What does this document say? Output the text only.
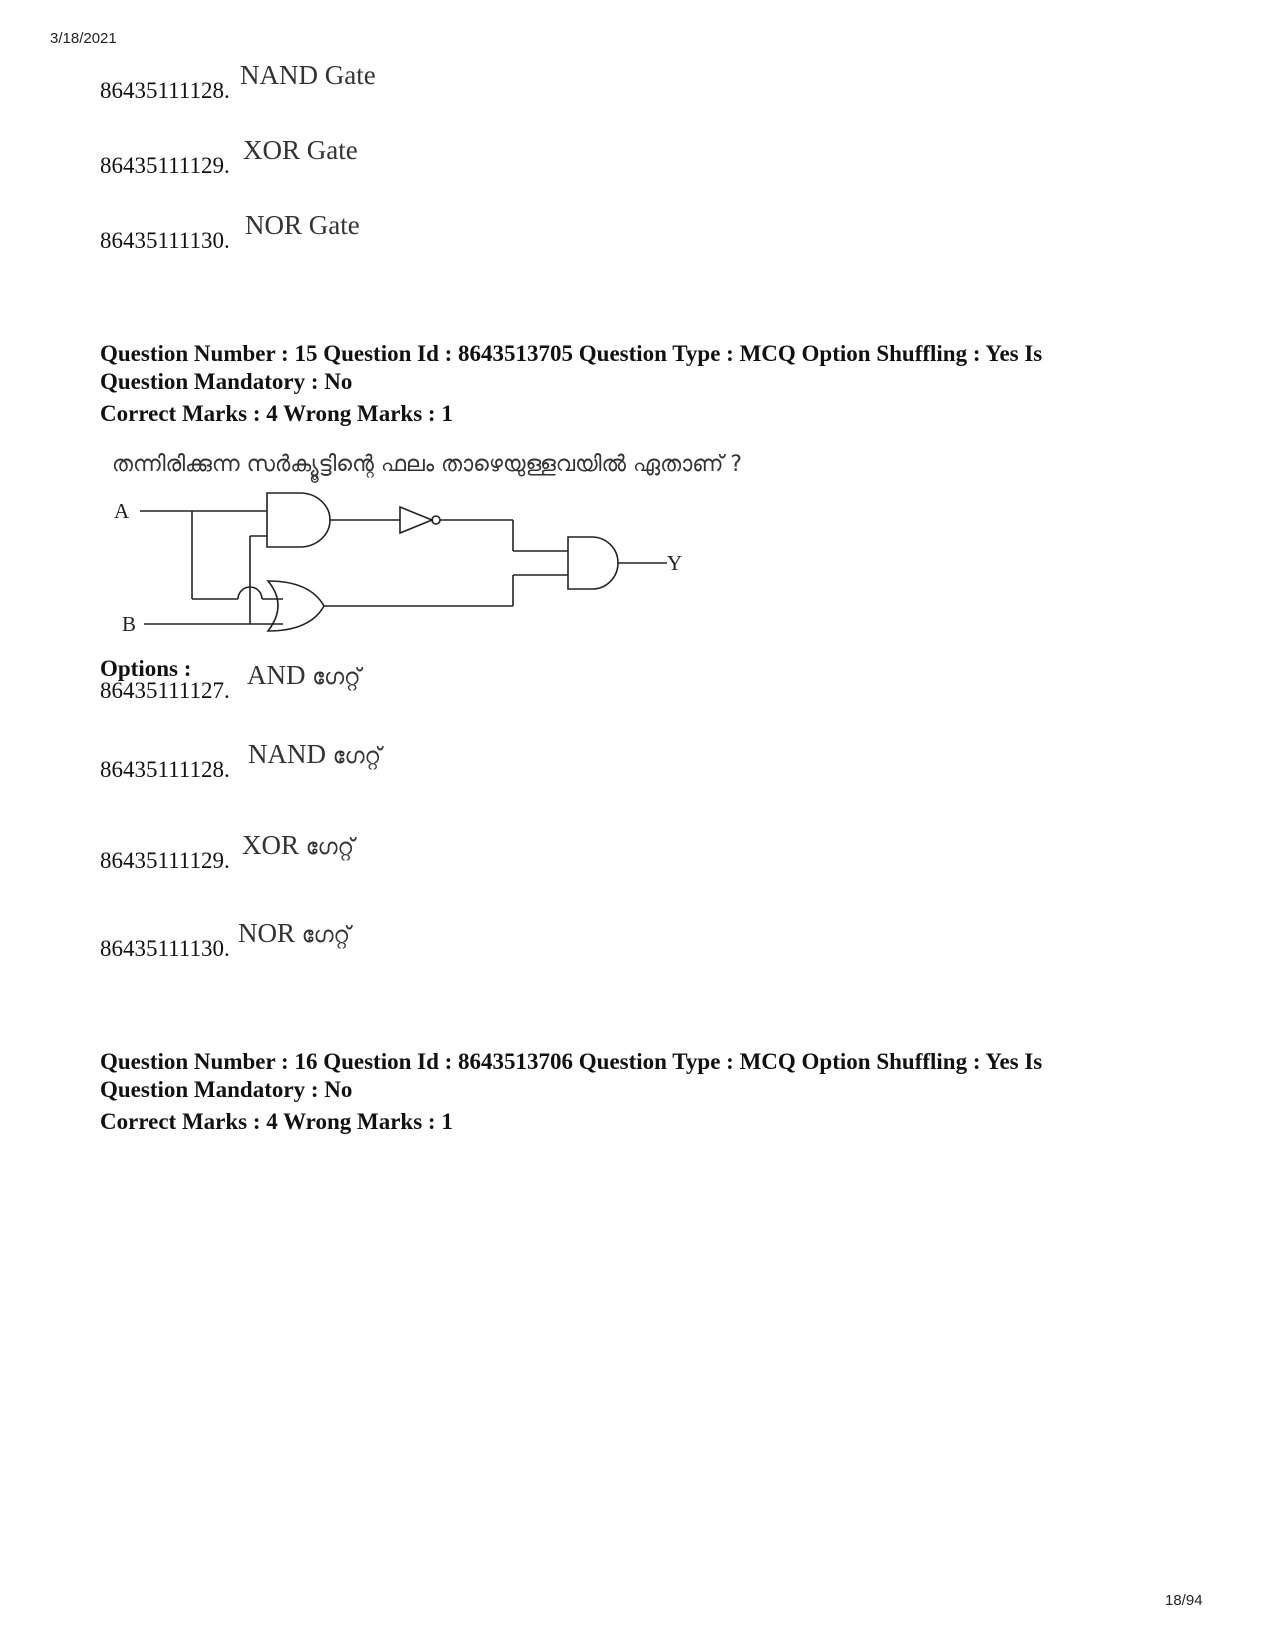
3/18/2021
86435111128.
NAND Gate
86435111129.
XOR Gate
86435111130.
NOR Gate

Question Number : 15 Question Id : 8643513705 Question Type : MCQ Option Shuffling : Yes Is

Question Mandatory : No

Correct Marks : 4 Wrong Marks : 1

തന്നിരിക്കുന്ന സർക്യൂട്ടിന്റെ ഫലം താഴെയുള്ളവയിൽ ഏതാണ് ?
A
B
Y
Options :
86435111127.
AND ഗേറ്റ്
86435111128.
NAND ഗേറ്റ്
86435111129.
XOR ഗേറ്റ്
86435111130.
NOR ഗേറ്റ്

Question Number : 16 Question Id : 8643513706 Question Type : MCQ Option Shuffling : Yes Is

Question Mandatory : No

Correct Marks : 4 Wrong Marks : 1

18/94
